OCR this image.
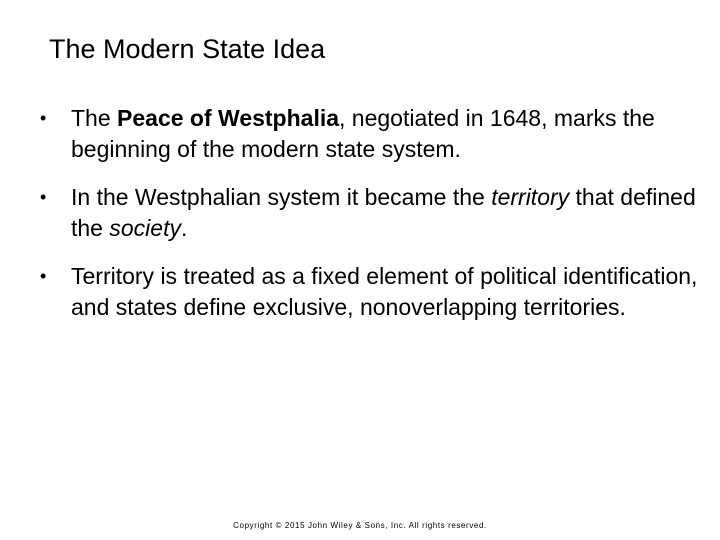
The Modern State Idea
•	The Peace of Westphalia, negotiated in 1648, marks the beginning of the modern state system.
•	In the Westphalian system it became the territory that defined the society.
•	Territory is treated as a fixed element of political identification, and states define exclusive, nonoverlapping territories.
Copyright © 2015 John Wiley & Sons, Inc. All rights reserved.
